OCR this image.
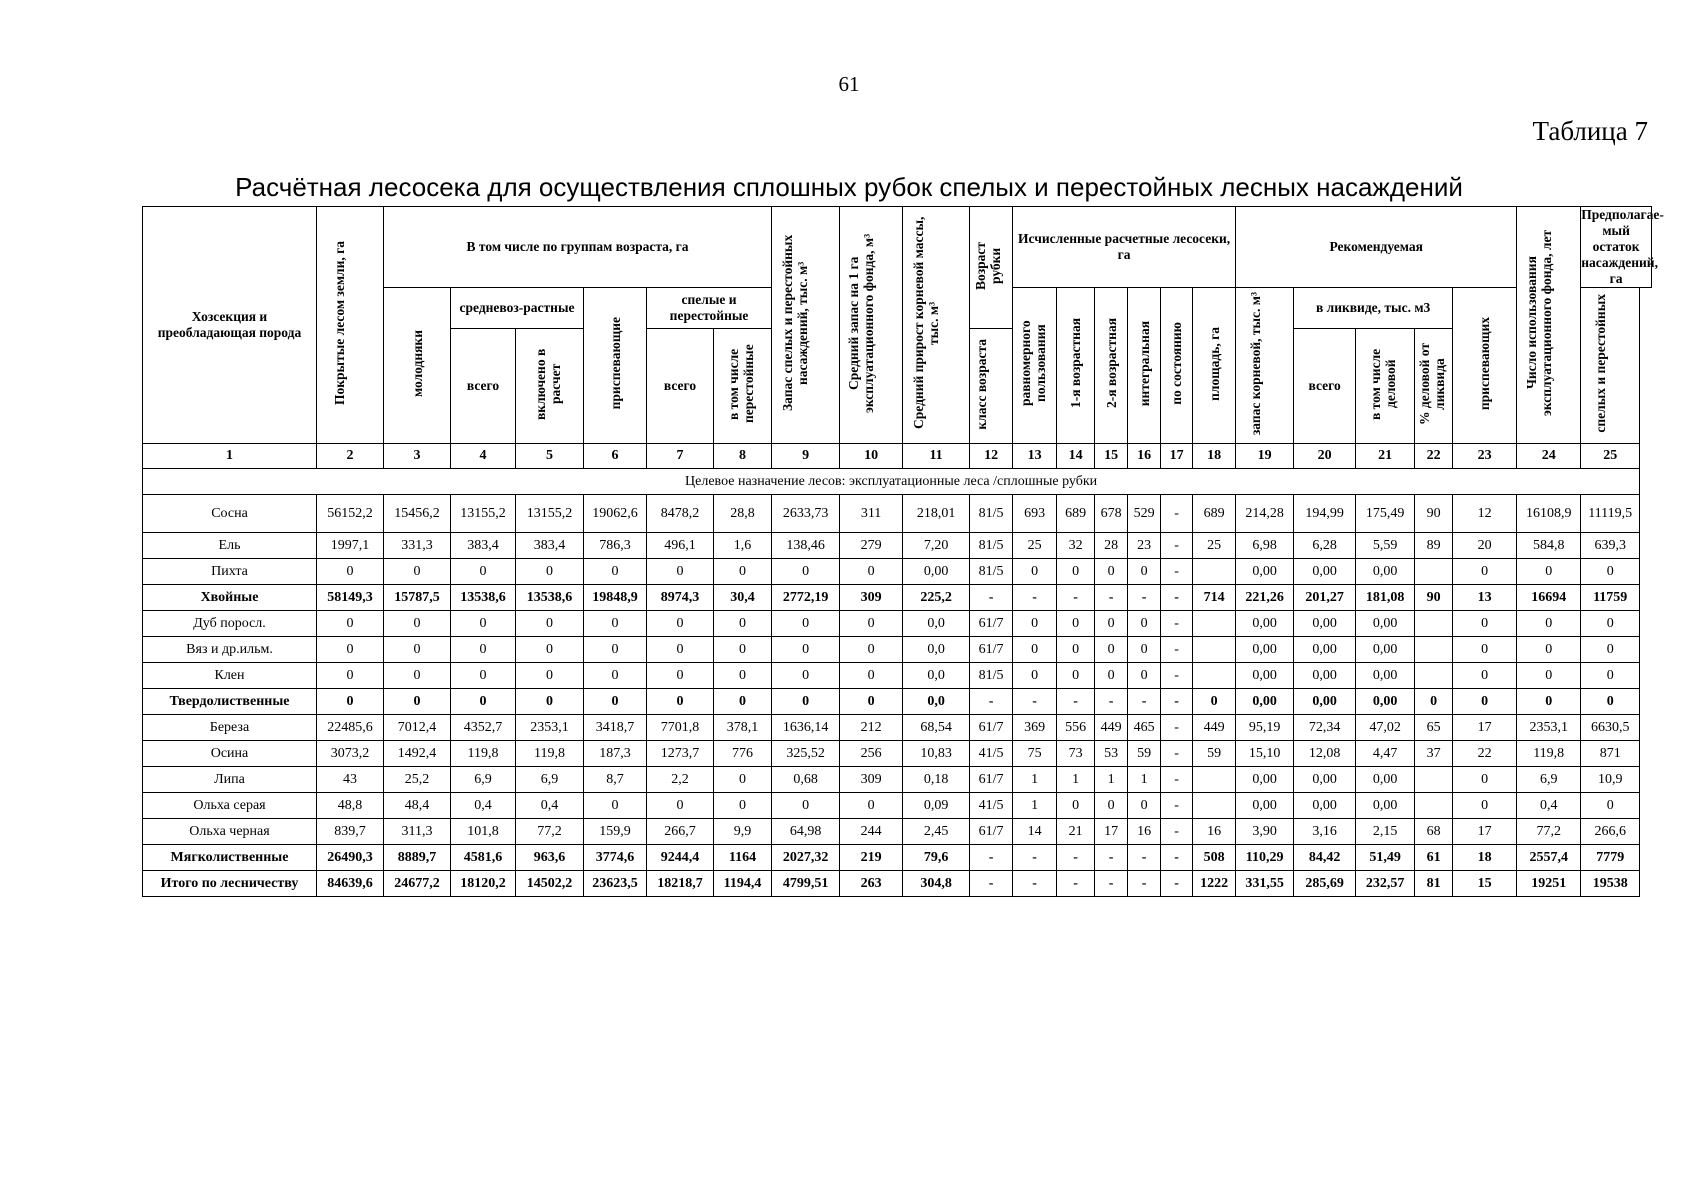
61
Таблица 7
Расчётная лесосека для осуществления сплошных рубок спелых и перестойных лесных насаждений
Хозсекция и преобладающая порода	Покрытые лесом земли, га	В том числе по группам возраста, га						Запас спелых и перестойных насаждений, тыс. м³	Средний запас на 1 га эксплуатационного фонда, м³	Средний прирост корневой массы, тыс. м³	Возраст рубки	Исчисленные расчетные лесосеки, га						Рекомендуемая					Число использования эксплуатационного фонда, лет	Предполагае-мый остаток насаждений, га
		молодняки	средневоз-растные		приспевающие	спелые и перестойные						равномерного пользования	1-я возрастная	2-я возрастная	интегральная	по состоянию	площадь, га	запас корневой, тыс. м³	в ликвиде, тыс. м3			приспевающих		спелых и перестойных
			всего	включено в расчет		всего	в том числе перестойные				класс возраста								всего	в том числе деловой	% деловой от ликвида			
1	2	3	4	5	6	7	8	9	10	11	12	13	14	15	16	17	18	19	20	21	22	23	24	25
Целевое назначение лесов: эксплуатационные леса /сплошные рубки																								
Сосна	56152,2	15456,2	13155,2	13155,2	19062,6	8478,2	28,8	2633,73	311	218,01	81/5	693	689	678	529	-	689	214,28	194,99	175,49	90	12	16108,9	11119,5
Ель	1997,1	331,3	383,4	383,4	786,3	496,1	1,6	138,46	279	7,20	81/5	25	32	28	23	-	25	6,98	6,28	5,59	89	20	584,8	639,3
Пихта	0	0	0	0	0	0	0	0	0	0,00	81/5	0	0	0	0	-		0,00	0,00	0,00		0	0	0
Хвойные	58149,3	15787,5	13538,6	13538,6	19848,9	8974,3	30,4	2772,19	309	225,2	-	-	-	-	-	-	714	221,26	201,27	181,08	90	13	16694	11759
Дуб поросл.	0	0	0	0	0	0	0	0	0	0,0	61/7	0	0	0	0	-		0,00	0,00	0,00		0	0	0
Вяз и др.ильм.	0	0	0	0	0	0	0	0	0	0,0	61/7	0	0	0	0	-		0,00	0,00	0,00		0	0	0
Клен	0	0	0	0	0	0	0	0	0	0,0	81/5	0	0	0	0	-		0,00	0,00	0,00		0	0	0
Твердолиственные	0	0	0	0	0	0	0	0	0	0,0	-	-	-	-	-	-	0	0,00	0,00	0,00	0	0	0	0
Береза	22485,6	7012,4	4352,7	2353,1	3418,7	7701,8	378,1	1636,14	212	68,54	61/7	369	556	449	465	-	449	95,19	72,34	47,02	65	17	2353,1	6630,5
Осина	3073,2	1492,4	119,8	119,8	187,3	1273,7	776	325,52	256	10,83	41/5	75	73	53	59	-	59	15,10	12,08	4,47	37	22	119,8	871
Липа	43	25,2	6,9	6,9	8,7	2,2	0	0,68	309	0,18	61/7	1	1	1	1	-		0,00	0,00	0,00		0	6,9	10,9
Ольха серая	48,8	48,4	0,4	0,4	0	0	0	0	0	0,09	41/5	1	0	0	0	-		0,00	0,00	0,00		0	0,4	0
Ольха черная	839,7	311,3	101,8	77,2	159,9	266,7	9,9	64,98	244	2,45	61/7	14	21	17	16	-	16	3,90	3,16	2,15	68	17	77,2	266,6
Мягколиственные	26490,3	8889,7	4581,6	963,6	3774,6	9244,4	1164	2027,32	219	79,6	-	-	-	-	-	-	508	110,29	84,42	51,49	61	18	2557,4	7779
Итого по лесничеству	84639,6	24677,2	18120,2	14502,2	23623,5	18218,7	1194,4	4799,51	263	304,8	-	-	-	-	-	-	1222	331,55	285,69	232,57	81	15	19251	19538
